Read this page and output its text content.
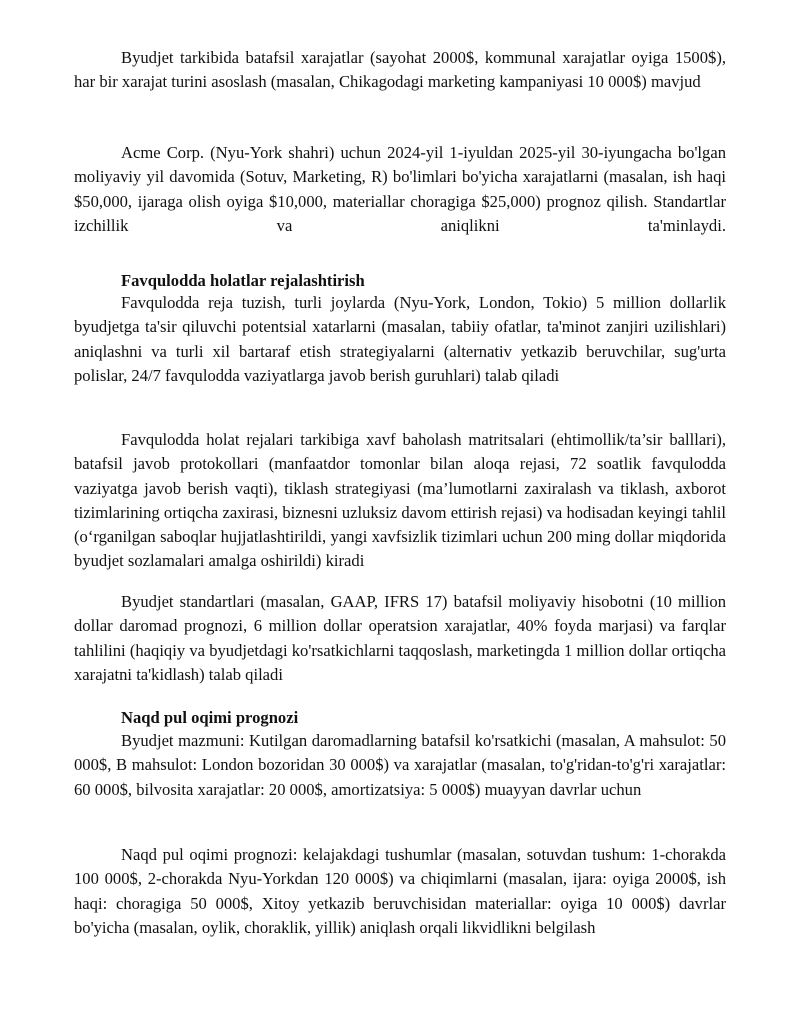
Byudjet tarkibida batafsil xarajatlar (sayohat 2000$, kommunal xarajatlar oyiga 1500$), har bir xarajat turini asoslash (masalan, Chikagodagi marketing kampaniyasi 10 000$) mavjud

Acme Corp. (Nyu-York shahri) uchun 2024-yil 1-iyuldan 2025-yil 30-iyungacha bo'lgan moliyaviy yil davomida (Sotuv, Marketing, R) bo'limlari bo'yicha xarajatlarni (masalan, ish haqi $50,000, ijaraga olish oyiga $10,000, materiallar choragiga $25,000) prognoz qilish. Standartlar izchillik va aniqlikni ta'minlaydi.

Favqulodda holatlar rejalashtirish

Favqulodda reja tuzish, turli joylarda (Nyu-York, London, Tokio) 5 million dollarlik byudjetga ta'sir qiluvchi potentsial xatarlarni (masalan, tabiiy ofatlar, ta'minot zanjiri uzilishlari) aniqlashni va turli xil bartaraf etish strategiyalarni (alternativ yetkazib beruvchilar, sug'urta polislar, 24/7 favqulodda vaziyatlarga javob berish guruhlari) talab qiladi

Favqulodda holat rejalari tarkibiga xavf baholash matritsalari (ehtimollik/ta’sir balllari), batafsil javob protokollari (manfaatdor tomonlar bilan aloqa rejasi, 72 soatlik favqulodda vaziyatga javob berish vaqti), tiklash strategiyasi (ma’lumotlarni zaxiralash va tiklash, axborot tizimlarining ortiqcha zaxirasi, biznesni uzluksiz davom ettirish rejasi) va hodisadan keyingi tahlil (o‘rganilgan saboqlar hujjatlashtirildi, yangi xavfsizlik tizimlari uchun 200 ming dollar miqdorida byudjet sozlamalari amalga oshirildi) kiradi

Byudjet standartlari (masalan, GAAP, IFRS 17) batafsil moliyaviy hisobotni (10 million dollar daromad prognozi, 6 million dollar operatsion xarajatlar, 40% foyda marjasi) va farqlar tahlilini (haqiqiy va byudjetdagi ko'rsatkichlarni taqqoslash, marketingda 1 million dollar ortiqcha xarajatni ta'kidlash) talab qiladi

Naqd pul oqimi prognozi

Byudjet mazmuni: Kutilgan daromadlarning batafsil ko'rsatkichi (masalan, A mahsulot: 50 000$, B mahsulot: London bozoridan 30 000$) va xarajatlar (masalan, to'g'ridan-to'g'ri xarajatlar: 60 000$, bilvosita xarajatlar: 20 000$, amortizatsiya: 5 000$) muayyan davrlar uchun

Naqd pul oqimi prognozi: kelajakdagi tushumlar (masalan, sotuvdan tushum: 1-chorakda 100 000$, 2-chorakda Nyu-Yorkdan 120 000$) va chiqimlarni (masalan, ijara: oyiga 2000$, ish haqi: choragiga 50 000$, Xitoy yetkazib beruvchisidan materiallar: oyiga 10 000$) davrlar bo'yicha (masalan, oylik, choraklik, yillik) aniqlash orqali likvidlikni belgilash
